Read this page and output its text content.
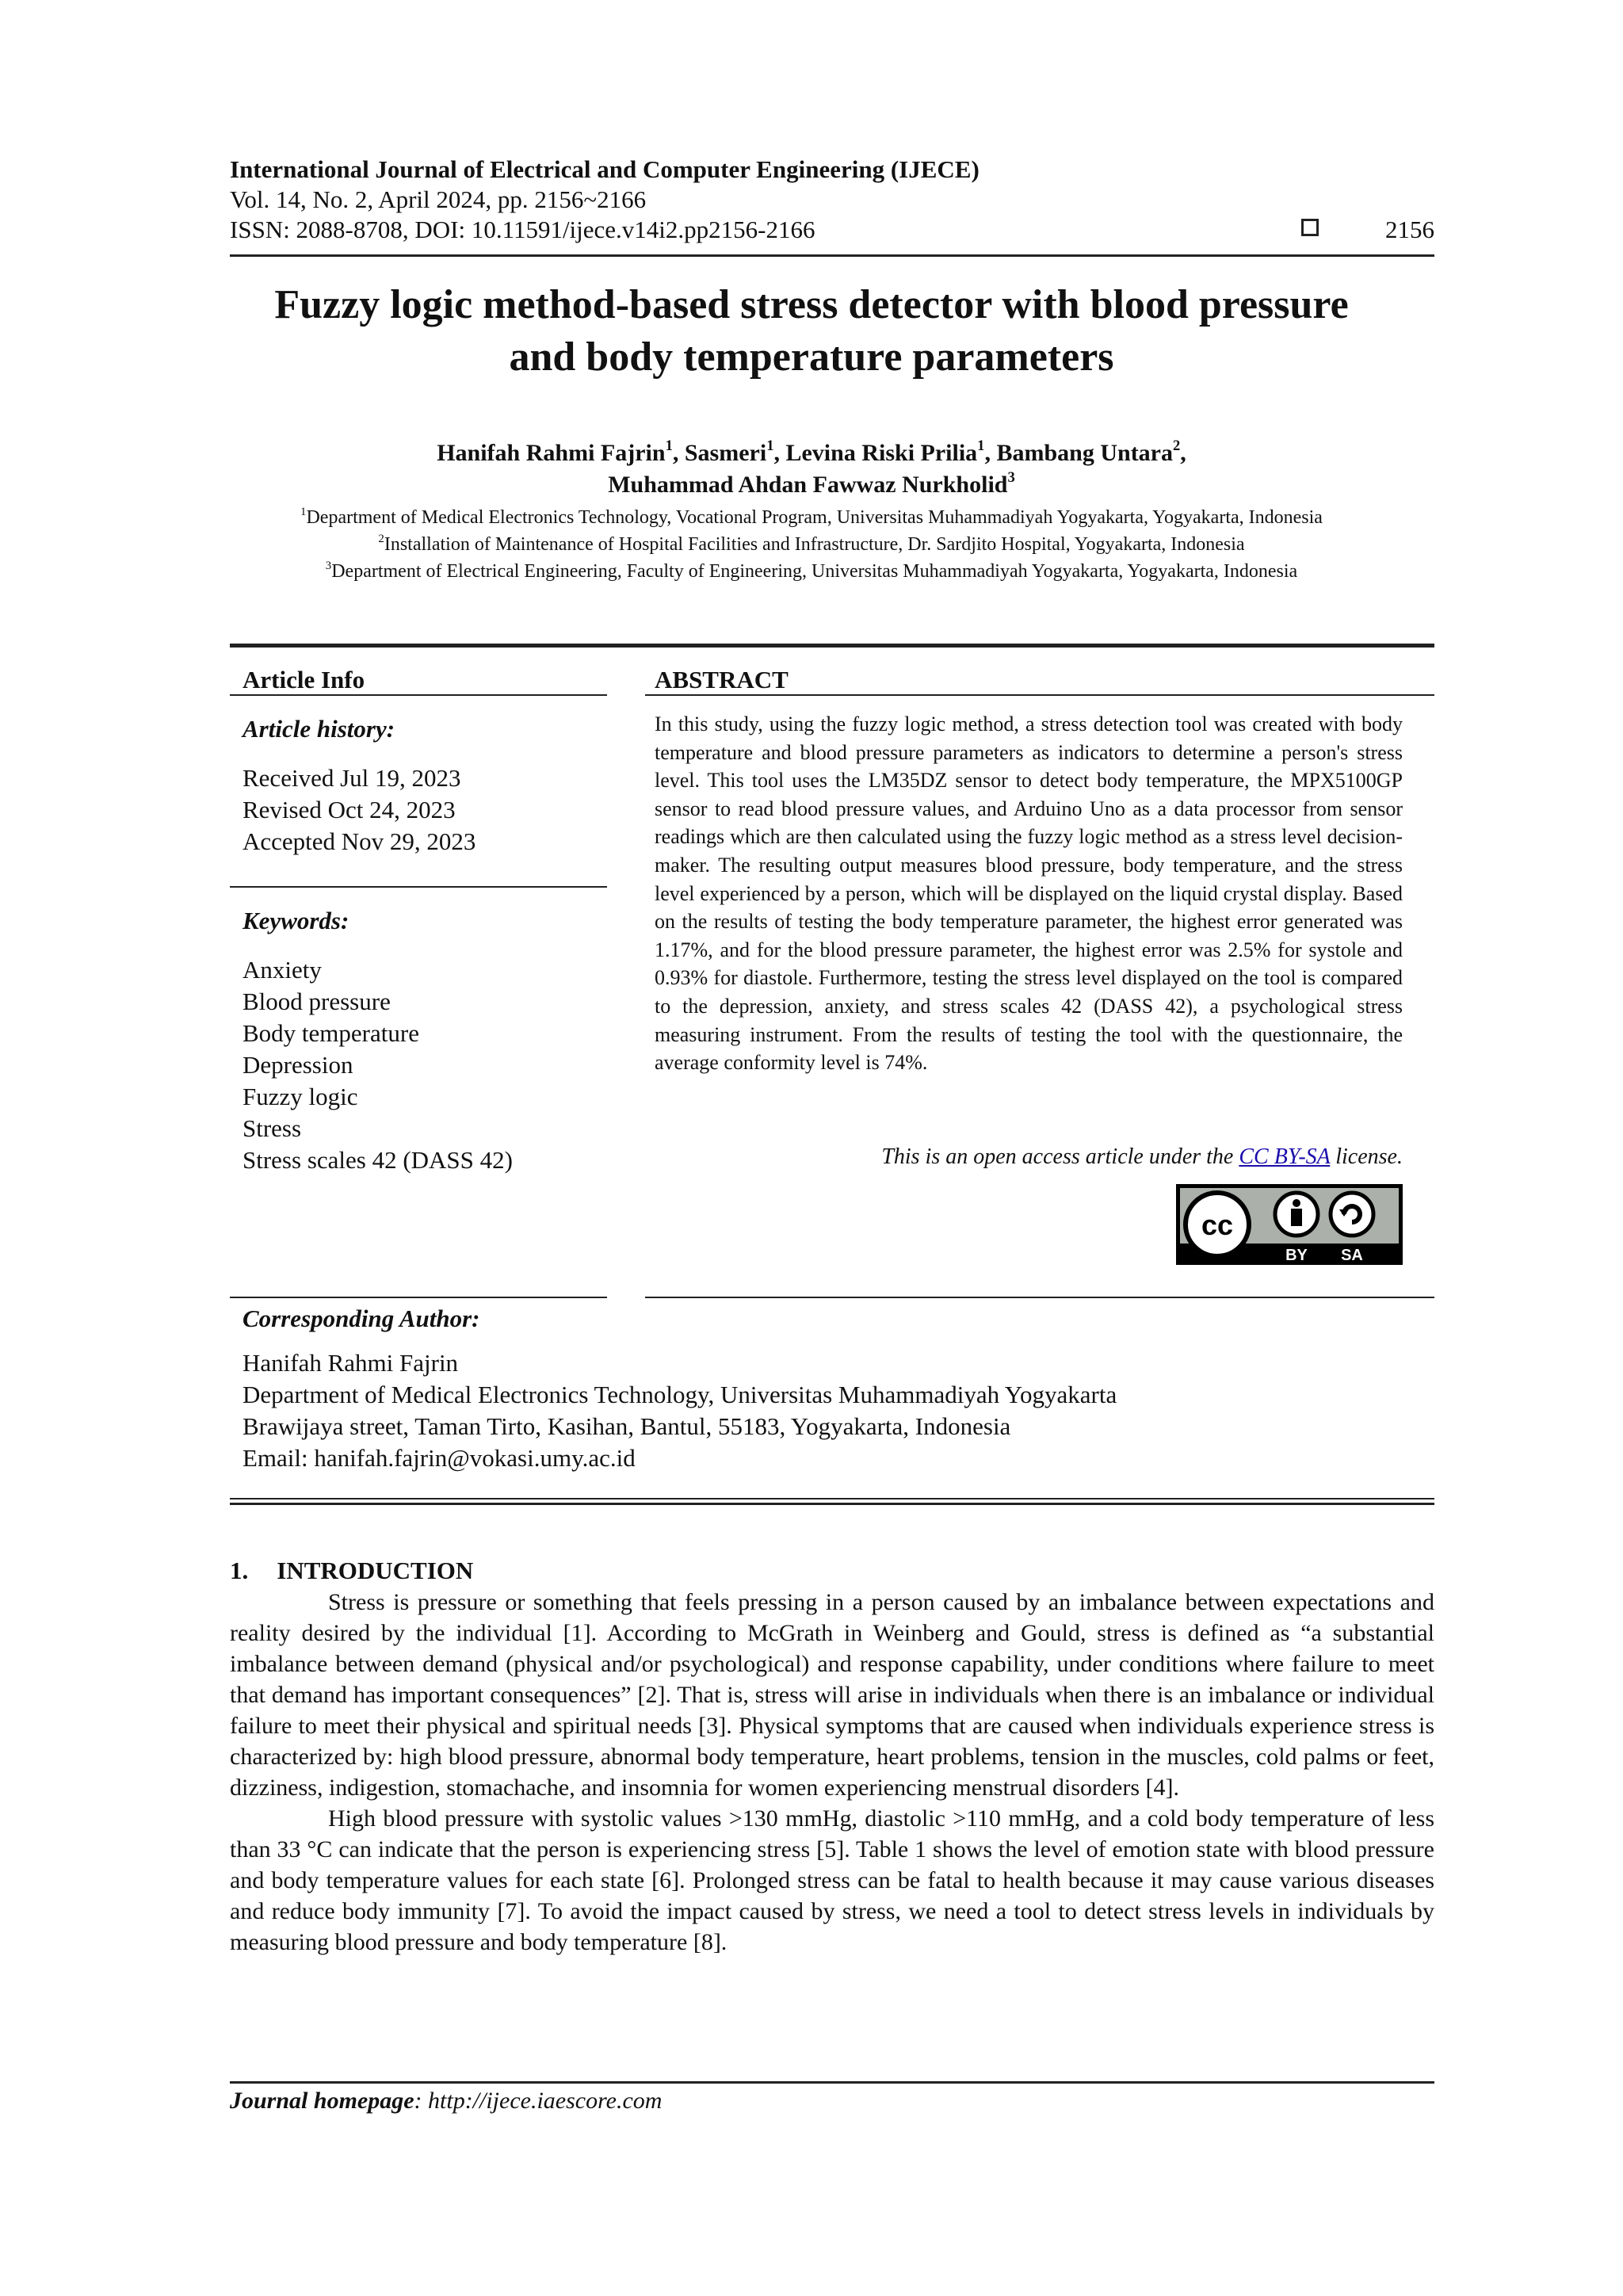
International Journal of Electrical and Computer Engineering (IJECE)
Vol. 14, No. 2, April 2024, pp. 2156~2166
ISSN: 2088-8708, DOI: 10.11591/ijece.v14i2.pp2156-2166	2156
Fuzzy logic method-based stress detector with blood pressure
and body temperature parameters
Hanifah Rahmi Fajrin$^1$, Sasmeri$^1$, Levina Riski Prilia$^1$, Bambang Untara$^2$,
Muhammad Ahdan Fawwaz Nurkholid$^3$
$^1$Department of Medical Electronics Technology, Vocational Program, Universitas Muhammadiyah Yogyakarta, Yogyakarta, Indonesia
$^2$Installation of Maintenance of Hospital Facilities and Infrastructure, Dr. Sardjito Hospital, Yogyakarta, Indonesia
$^3$Department of Electrical Engineering, Faculty of Engineering, Universitas Muhammadiyah Yogyakarta, Yogyakarta, Indonesia
Article Info
Article history:
Received Jul 19, 2023
Revised Oct 24, 2023
Accepted Nov 29, 2023
Keywords:
Anxiety
Blood pressure
Body temperature
Depression
Fuzzy logic
Stress
Stress scales 42 (DASS 42)
ABSTRACT
In this study, using the fuzzy logic method, a stress detection tool was created with body temperature and blood pressure parameters as indicators to determine a person's stress level. This tool uses the LM35DZ sensor to detect body temperature, the MPX5100GP sensor to read blood pressure values, and Arduino Uno as a data processor from sensor readings which are then calculated using the fuzzy logic method as a stress level decision-maker. The resulting output measures blood pressure, body temperature, and the stress level experienced by a person, which will be displayed on the liquid crystal display. Based on the results of testing the body temperature parameter, the highest error generated was 1.17%, and for the blood pressure parameter, the highest error was 2.5% for systole and 0.93% for diastole. Furthermore, testing the stress level displayed on the tool is compared to the depression, anxiety, and stress scales 42 (DASS 42), a psychological stress measuring instrument. From the results of testing the tool with the questionnaire, the average conformity level is 74%.
This is an open access article under the CC BY-SA license.
cc
BY SA
Corresponding Author:
Hanifah Rahmi Fajrin
Department of Medical Electronics Technology, Universitas Muhammadiyah Yogyakarta
Brawijaya street, Taman Tirto, Kasihan, Bantul, 55183, Yogyakarta, Indonesia
Email: hanifah.fajrin@vokasi.umy.ac.id
1. INTRODUCTION

Stress is pressure or something that feels pressing in a person caused by an imbalance between expectations and reality desired by the individual [1]. According to McGrath in Weinberg and Gould, stress is defined as “a substantial imbalance between demand (physical and/or psychological) and response capability, under conditions where failure to meet that demand has important consequences” [2]. That is, stress will arise in individuals when there is an imbalance or individual failure to meet their physical and spiritual needs [3]. Physical symptoms that are caused when individuals experience stress is characterized by: high blood pressure, abnormal body temperature, heart problems, tension in the muscles, cold palms or feet, dizziness, indigestion, stomachache, and insomnia for women experiencing menstrual disorders [4].

High blood pressure with systolic values >130 mmHg, diastolic >110 mmHg, and a cold body temperature of less than 33 °C can indicate that the person is experiencing stress [5]. Table 1 shows the level of emotion state with blood pressure and body temperature values for each state [6]. Prolonged stress can be fatal to health because it may cause various diseases and reduce body immunity [7]. To avoid the impact caused by stress, we need a tool to detect stress levels in individuals by measuring blood pressure and body temperature [8].

Journal homepage: http://ijece.iaescore.com
